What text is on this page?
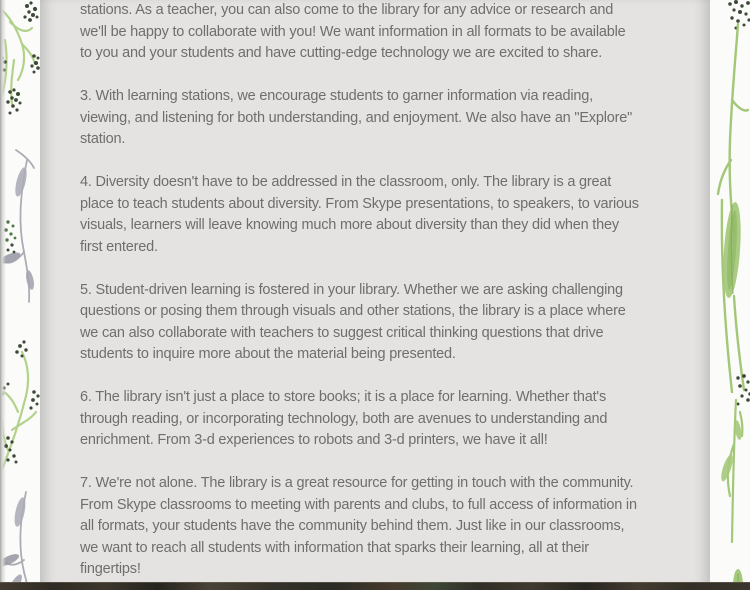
stations. As a teacher, you can also come to the library for any advice or research and
we'll be happy to collaborate with you! We want information in all formats to be available
to you and your students and have cutting-edge technology we are excited to share.

3. With learning stations, we encourage students to garner information via reading,
viewing, and listening for both understanding, and enjoyment. We also have an "Explore"
station.

4. Diversity doesn't have to be addressed in the classroom, only. The library is a great
place to teach students about diversity. From Skype presentations, to speakers, to various
visuals, learners will leave knowing much more about diversity than they did when they
first entered.

5. Student-driven learning is fostered in your library. Whether we are asking challenging
questions or posing them through visuals and other stations, the library is a place where
we can also collaborate with teachers to suggest critical thinking questions that drive
students to inquire more about the material being presented.

6. The library isn't just a place to store books; it is a place for learning. Whether that's
through reading, or incorporating technology, both are avenues to understanding and
enrichment. From 3-d experiences to robots and 3-d printers, we have it all!

7. We're not alone. The library is a great resource for getting in touch with the community.
From Skype classrooms to meeting with parents and clubs, to full access of information in
all formats, your students have the community behind them. Just like in our classrooms,
we want to reach all students with information that sparks their learning, all at their
fingertips!
